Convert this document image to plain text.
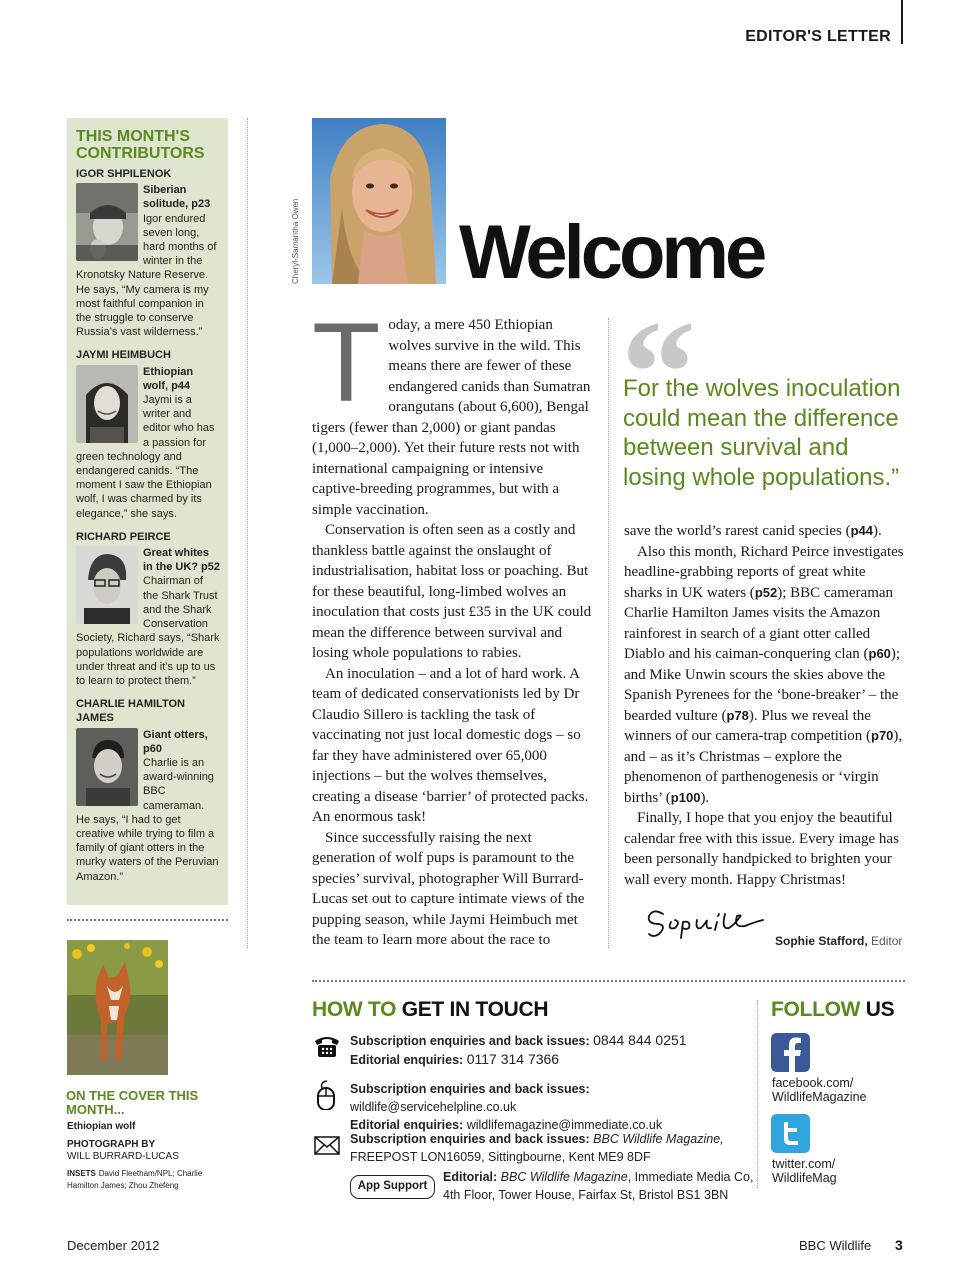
EDITOR'S LETTER
THIS MONTH'S CONTRIBUTORS
IGOR SHPILENOK
Siberian solitude, p23
Igor endured seven long, hard months of winter in the Kronotsky Nature Reserve. He says, “My camera is my most faithful companion in the struggle to conserve Russia’s vast wilderness.”
JAYMI HEIMBUCH
Ethiopian wolf, p44
Jaymi is a writer and editor who has a passion for green technology and endangered canids. “The moment I saw the Ethiopian wolf, I was charmed by its elegance,” she says.
RICHARD PEIRCE
Great whites in the UK? p52
Chairman of the Shark Trust and the Shark Conservation Society, Richard says, “Shark populations worldwide are under threat and it’s up to us to learn to protect them.”
CHARLIE HAMILTON JAMES
Giant otters, p60
Charlie is an award-winning BBC cameraman. He says, “I had to get creative while trying to film a family of giant otters in the murky waters of the Peruvian Amazon.”
ON THE COVER THIS MONTH...
Ethiopian wolf
PHOTOGRAPH BY
WILL BURRARD-LUCAS
INSETS David Fleetham/NPL; Charlie Hamilton James; Zhou Zhefeng
Cheryl-Samantha Owen Welcome

Today, a mere 450 Ethiopian wolves survive in the wild. This means there are fewer of these endangered canids than Sumatran orangutans (about 6,600), Bengal tigers (fewer than 2,000) or giant pandas (1,000–2,000). Yet their future rests not with international campaigning or intensive captive-breeding programmes, but with a simple vaccination.

Conservation is often seen as a costly and thankless battle against the onslaught of industrialisation, habitat loss or poaching. But for these beautiful, long-limbed wolves an inoculation that costs just £35 in the UK could mean the difference between survival and losing whole populations to rabies.

An inoculation – and a lot of hard work. A team of dedicated conservationists led by Dr Claudio Sillero is tackling the task of vaccinating not just local domestic dogs – so far they have administered over 65,000 injections – but the wolves themselves, creating a disease ‘barrier’ of protected packs. An enormous task!

Since successfully raising the next generation of wolf pups is paramount to the species’ survival, photographer Will Burrard-Lucas set out to capture intimate views of the pupping season, while Jaymi Heimbuch met the team to learn more about the race to

“
For the wolves inoculation could mean the difference between survival and losing whole populations.”

save the world’s rarest canid species (p44).

Also this month, Richard Peirce investigates headline-grabbing reports of great white sharks in UK waters (p52); BBC cameraman Charlie Hamilton James visits the Amazon rainforest in search of a giant otter called Diablo and his caiman-conquering clan (p60); and Mike Unwin scours the skies above the Spanish Pyrenees for the ‘bone-breaker’ – the bearded vulture (p78). Plus we reveal the winners of our camera-trap competition (p70), and – as it’s Christmas – explore the phenomenon of parthenogenesis or ‘virgin births’ (p100).

Finally, I hope that you enjoy the beautiful calendar free with this issue. Every image has been personally handpicked to brighten your wall every month. Happy Christmas!

Sophie Stafford, Editor
HOW TO GET IN TOUCH
Subscription enquiries and back issues: 0844 844 0251
Editorial enquiries: 0117 314 7366
Subscription enquiries and back issues: wildlife@servicehelpline.co.uk
Editorial enquiries: wildlifemagazine@immediate.co.uk
Subscription enquiries and back issues: BBC Wildlife Magazine,
FREEPOST LON16059, Sittingbourne, Kent ME9 8DF
App Support
Editorial: BBC Wildlife Magazine, Immediate Media Co,
4th Floor, Tower House, Fairfax St, Bristol BS1 3BN
FOLLOW US
facebook.com/
WildlifeMagazine
twitter.com/
WildlifeMag
December 2012	BBC Wildlife 3
